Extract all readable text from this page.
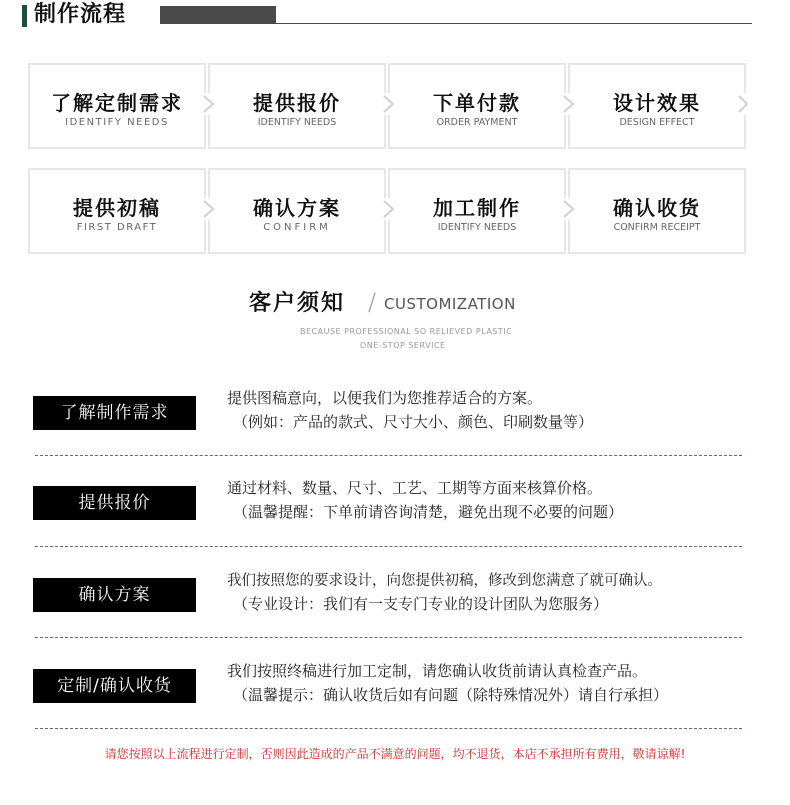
制作流程
了解定制需求
IDENTIFY NEEDS
提供报价
IDENTIFY NEEDS
下单付款
ORDER PAYMENT
设计效果
DESIGN EFFECT
提供初稿
FIRST DRAFT
确认方案
CONFIRM
加工制作
IDENTIFY NEEDS
确认收货
CONFIRM RECEIPT
客户须知 / CUSTOMIZATION
BECAUSE PROFESSIONAL SO RELIEVED PLASTIC
ONE-STOP SERVICE
了解制作需求
提供图稿意向，以便我们为您推荐适合的方案。
（例如：产品的款式、尺寸大小、颜色、印刷数量等）
提供报价
通过材料、数量、尺寸、工艺、工期等方面来核算价格。
（温馨提醒：下单前请咨询清楚，避免出现不必要的问题）
确认方案
我们按照您的要求设计，向您提供初稿，修改到您满意了就可确认。
（专业设计：我们有一支专门专业的设计团队为您服务）
定制/确认收货
我们按照终稿进行加工定制，请您确认收货前请认真检查产品。
（温馨提示：确认收货后如有问题（除特殊情况外）请自行承担）
请您按照以上流程进行定制，否则因此造成的产品不满意的问题，均不退货，本店不承担所有费用，敬请谅解!
